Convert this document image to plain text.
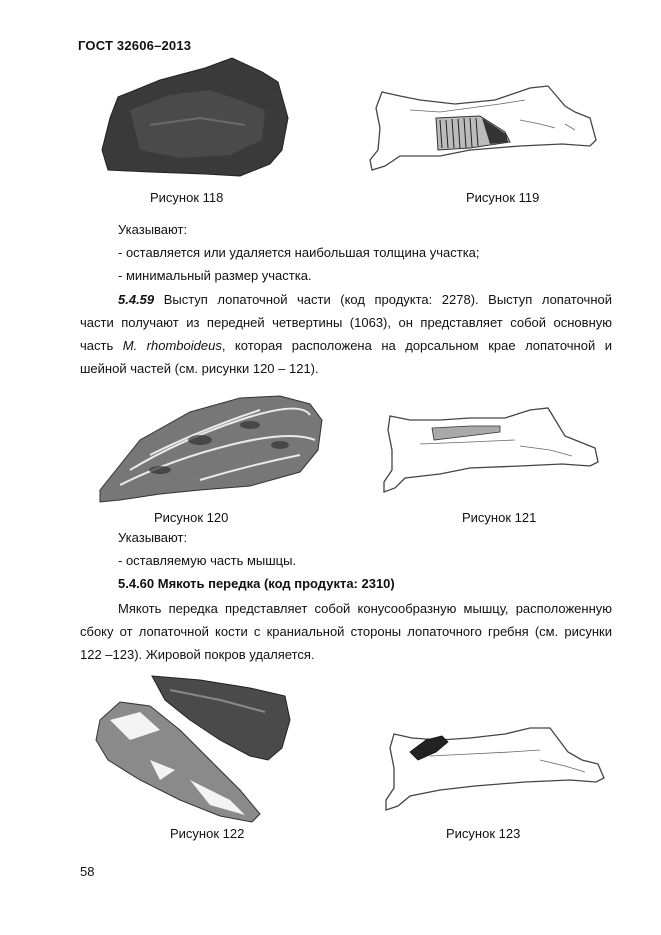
ГОСТ 32606–2013
Рисунок 118	Рисунок 119
Указывают:
- оставляется или удаляется наибольшая толщина участка;
- минимальный размер участка.
5.4.59 Выступ лопаточной части (код продукта: 2278). Выступ лопаточной
части получают из передней четвертины (1063), он представляет собой основную
часть M. rhomboideus, которая расположена на дорсальном крае лопаточной и
шейной частей (см. рисунки 120 – 121).
Рисунок 120	Рисунок 121
Указывают:
- оставляемую часть мышцы.
5.4.60 Мякоть передка (код продукта: 2310)
Мякоть передка представляет собой конусообразную мышцу, расположенную
сбоку от лопаточной кости с краниальной стороны лопаточного гребня (см. рисунки
122 –123). Жировой покров удаляется.
Рисунок 122	Рисунок 123
58
